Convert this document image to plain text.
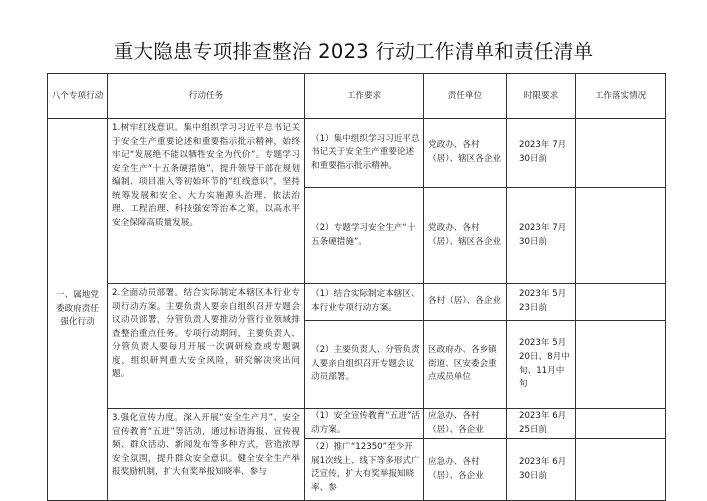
重大隐患专项排查整治 2023 行动工作清单和责任清单
八个专项行动	行动任务	工作要求	责任单位	时限要求	工作落实情况
一、属地党委政府责任强化行动	1.树牢红线意识。集中组织学习习近平总书记关于安全生产重要论述和重要指示批示精神，始终牢记“发展绝不能以牺牲安全为代价”。专题学习安全生产“十五条硬措施”，提升领导干部在规划编制、项目准入等初始环节的“红线意识”，坚持统筹发展和安全、大力实施源头治理、依法治理、工程治理、科技强安等治本之策，以高水平安全保障高质量发展。	（1）集中组织学习习近平总书记关于安全生产重要论述和重要指示批示精神。	党政办、各村（居）、辖区各企业	2023年 7月30日前	
		（2）专题学习安全生产“十五条硬措施”。	党政办、各村（居）、辖区各企业	2023年 7月30日前	
	2.全面动员部署。结合实际制定本辖区本行业专项行动方案。主要负责人要亲自组织召开专题会议动员部署，分管负责人要推动分管行业领域排查整治重点任务。专项行动期间，主要负责人、分管负责人要每月开展一次调研检查或专题调度，组织研判重大安全风险，研究解决突出问题。	（1）结合实际制定本辖区、本行业专项行动方案。	各村（居）、各企业	2023年 5月23日前	
		（2）主要负责人、分管负责人要亲自组织召开专题会议动员部署。	区政府办、各乡镇街道、区安委会重点成员单位	2023年 5月 20日、8月中旬、11月中旬	
	3.强化宣传力度。深入开展“安全生产月”、安全宣传教育“五进”等活动，通过标语海报、宣传视频、群众活动、新闻发布等多种方式，营造浓厚安全氛围，提升群众安全意识。健全安全生产举报奖励机制，扩大有奖举报知晓率、参与	（1）安全宣传教育“五进”活动方案。	应急办、各村（居）、各企业	2023年 6月25日前	
		（2）推广“12350”至少开展1次线上、线下等多形式广泛宣传，扩大有奖举报知晓率、参	应急办、各村（居）、各企业	2023年 6月30日前	
